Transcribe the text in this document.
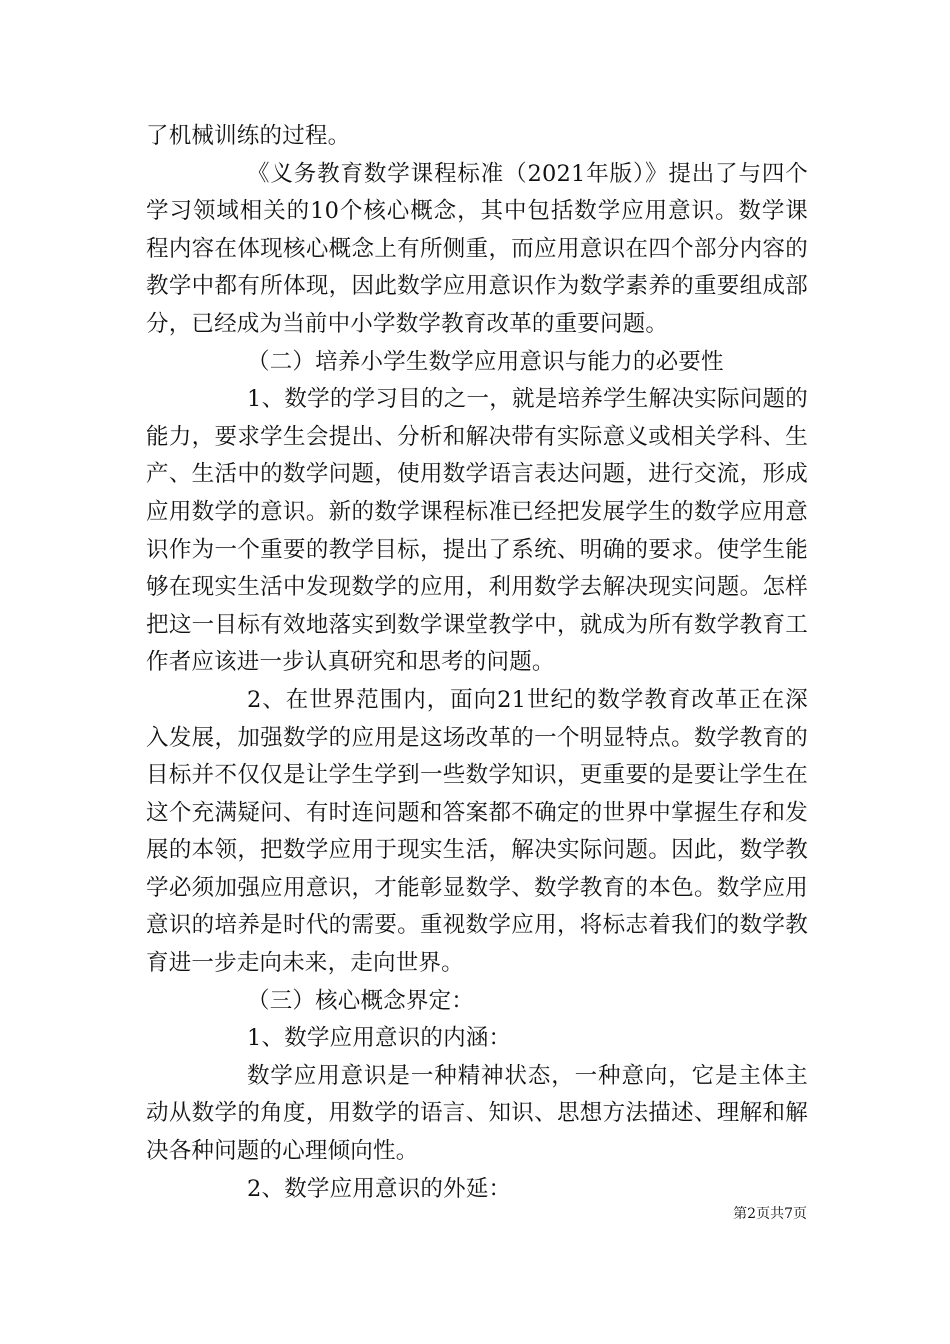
了机械训练的过程。

《义务教育数学课程标准（2021年版）》提出了与四个学习领域相关的10个核心概念，其中包括数学应用意识。数学课程内容在体现核心概念上有所侧重，而应用意识在四个部分内容的教学中都有所体现，因此数学应用意识作为数学素养的重要组成部分，已经成为当前中小学数学教育改革的重要问题。

（二）培养小学生数学应用意识与能力的必要性

1、数学的学习目的之一，就是培养学生解决实际问题的能力，要求学生会提出、分析和解决带有实际意义或相关学科、生产、生活中的数学问题，使用数学语言表达问题，进行交流，形成应用数学的意识。新的数学课程标准已经把发展学生的数学应用意识作为一个重要的教学目标，提出了系统、明确的要求。使学生能够在现实生活中发现数学的应用，利用数学去解决现实问题。怎样把这一目标有效地落实到数学课堂教学中，就成为所有数学教育工作者应该进一步认真研究和思考的问题。

2、在世界范围内，面向21世纪的数学教育改革正在深入发展，加强数学的应用是这场改革的一个明显特点。数学教育的目标并不仅仅是让学生学到一些数学知识，更重要的是要让学生在这个充满疑问、有时连问题和答案都不确定的世界中掌握生存和发展的本领，把数学应用于现实生活，解决实际问题。因此，数学教学必须加强应用意识，才能彰显数学、数学教育的本色。数学应用意识的培养是时代的需要。重视数学应用，将标志着我们的数学教育进一步走向未来，走向世界。

（三）核心概念界定：

1、数学应用意识的内涵：

数学应用意识是一种精神状态，一种意向，它是主体主动从数学的角度，用数学的语言、知识、思想方法描述、理解和解决各种问题的心理倾向性。

2、数学应用意识的外延：

第2页共7页
